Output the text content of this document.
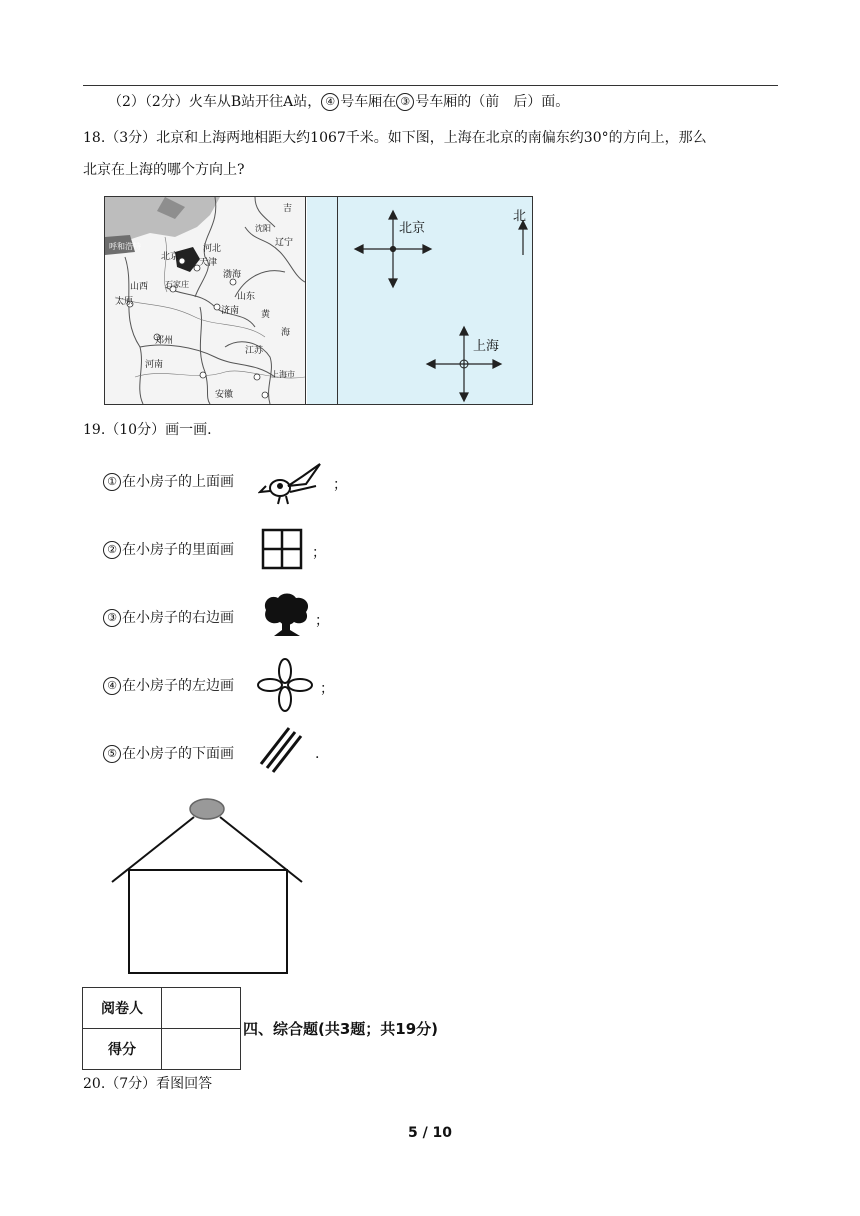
（2）（2分）火车从B站开往A站， ④ 号车厢在 ③ 号车厢的（前　后）面。
18.（3分）北京和上海两地相距大约1067千米。如下图，上海在北京的南偏东约30°的方向上，那么
北京在上海的哪个方向上?
呼和浩特
北京
天津
河北
石家庄
山西
太原
济南
山东
郑州
河南
江苏
上海市
安徽
沈阳
辽宁
吉
海
渤海
黄
北京
上海
北
19.（10分）画一画.
① 在小房子的上面画	；
② 在小房子的里面画	；
③ 在小房子的右边画	；
④ 在小房子的左边画	；
⑤ 在小房子的下面画	.
阅卷人	
得分	
四、综合题(共3题；共19分)
20.（7分）看图回答
5 / 10
